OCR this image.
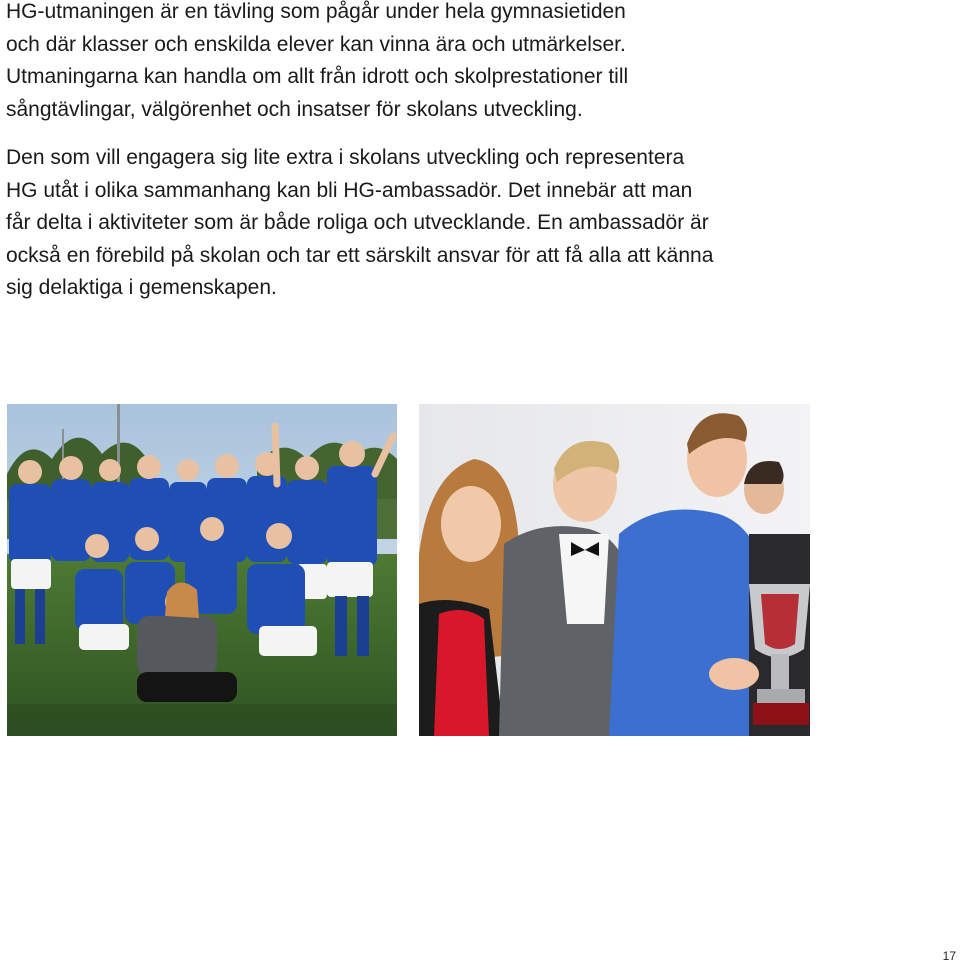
HG-utmaningen är en tävling som pågår under hela gymnasietiden
och där klasser och enskilda elever kan vinna ära och utmärkelser.
Utmaningarna kan handla om allt från idrott och skolprestationer till
sångtävlingar, välgörenhet och insatser för skolans utveckling.
Den som vill engagera sig lite extra i skolans utveckling och representera
HG utåt i olika sammanhang kan bli HG-ambassadör. Det innebär att man
får delta i aktiviteter som är både roliga och utvecklande. En ambassadör är
också en förebild på skolan och tar ett särskilt ansvar för att få alla att känna
sig delaktiga i gemenskapen.
17
